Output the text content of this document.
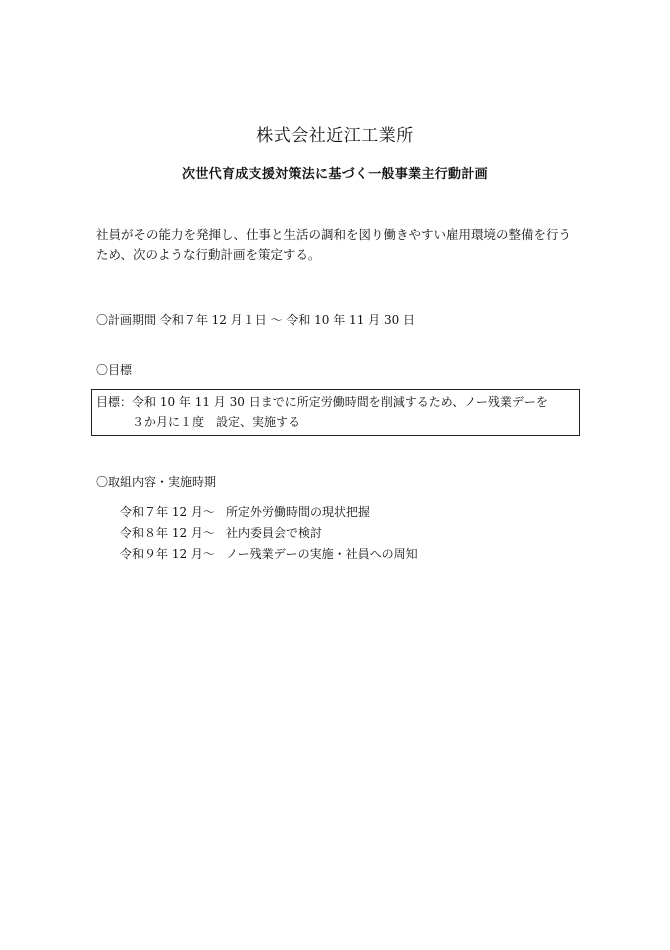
株式会社近江工業所
次世代育成支援対策法に基づく一般事業主行動計画
社員がその能力を発揮し、仕事と生活の調和を図り働きやすい雇用環境の整備を行う
ため、次のような行動計画を策定する。
〇計画期間 令和７年 12 月１日 〜 令和 10 年 11 月 30 日
〇目標
目標：令和 10 年 11 月 30 日までに所定労働時間を削減するため、ノー残業デーを
３か月に１度　設定、実施する
〇取組内容・実施時期
令和７年 12 月〜 所定外労働時間の現状把握
令和８年 12 月〜 社内委員会で検討
令和９年 12 月〜 ノー残業デーの実施・社員への周知
